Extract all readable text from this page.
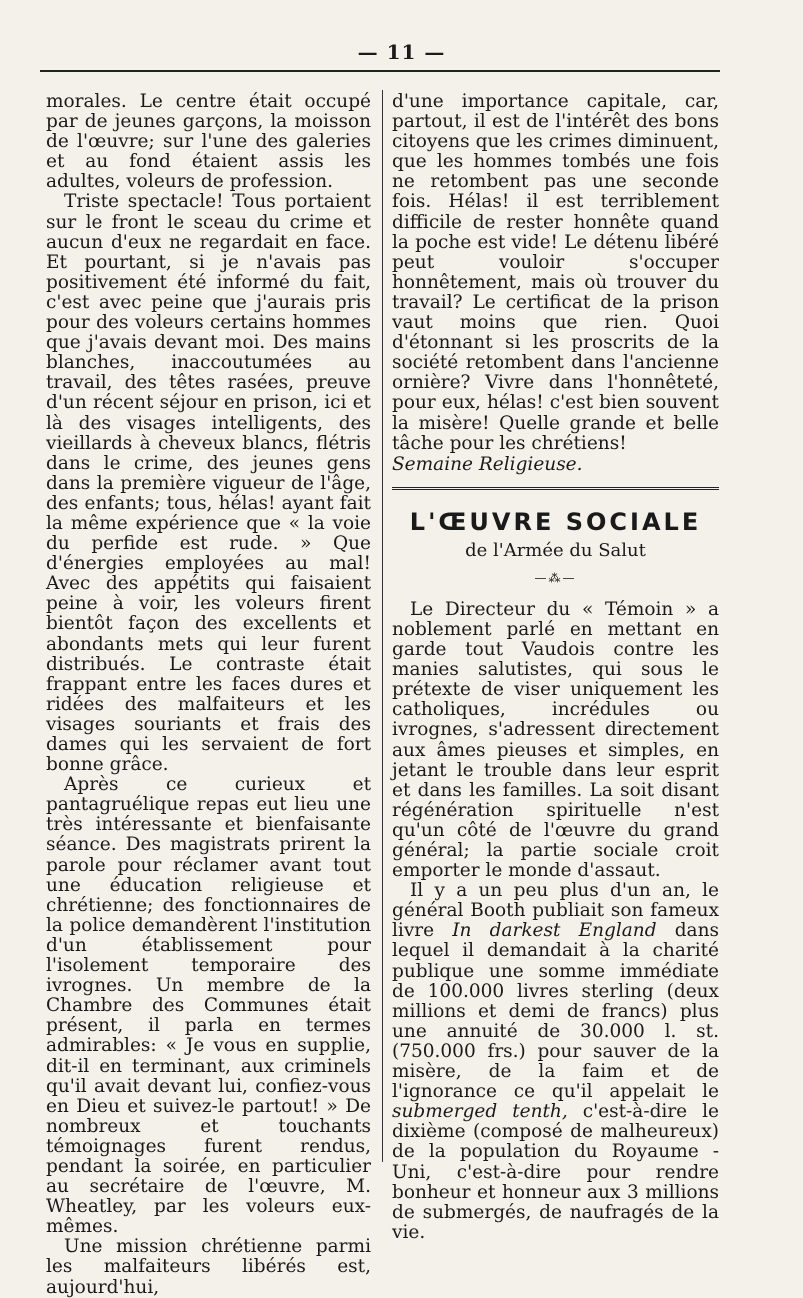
— 11 —

morales. Le centre était occupé par de jeunes garçons, la moisson de l'œuvre; sur l'une des galeries et au fond étaient assis les adultes, voleurs de profession.

Triste spectacle! Tous portaient sur le front le sceau du crime et aucun d'eux ne regardait en face. Et pourtant, si je n'avais pas positivement été informé du fait, c'est avec peine que j'aurais pris pour des voleurs certains hommes que j'avais devant moi. Des mains blanches, inaccoutumées au travail, des têtes rasées, preuve d'un récent séjour en prison, ici et là des visages intelligents, des vieillards à cheveux blancs, flétris dans le crime, des jeunes gens dans la première vigueur de l'âge, des enfants; tous, hélas! ayant fait la même expérience que « la voie du perfide est rude. » Que d'énergies employées au mal! Avec des appétits qui faisaient peine à voir, les voleurs firent bientôt façon des excellents et abondants mets qui leur furent distribués. Le contraste était frappant entre les faces dures et ridées des malfaiteurs et les visages souriants et frais des dames qui les servaient de fort bonne grâce.

Après ce curieux et pantagruélique repas eut lieu une très intéressante et bienfaisante séance. Des magistrats prirent la parole pour réclamer avant tout une éducation religieuse et chrétienne; des fonctionnaires de la police demandèrent l'institution d'un établissement pour l'isolement temporaire des ivrognes. Un membre de la Chambre des Communes était présent, il parla en termes admirables: « Je vous en supplie, dit-il en terminant, aux criminels qu'il avait devant lui, confiez-vous en Dieu et suivez-le partout! » De nombreux et touchants témoignages furent rendus, pendant la soirée, en particulier au secrétaire de l'œuvre, M. Wheatley, par les voleurs eux-mêmes.

Une mission chrétienne parmi les malfaiteurs libérés est, aujourd'hui,

d'une importance capitale, car, partout, il est de l'intérêt des bons citoyens que les crimes diminuent, que les hommes tombés une fois ne retombent pas une seconde fois. Hélas! il est terriblement difficile de rester honnête quand la poche est vide! Le détenu libéré peut vouloir s'occuper honnêtement, mais où trouver du travail? Le certificat de la prison vaut moins que rien. Quoi d'étonnant si les proscrits de la société retombent dans l'ancienne ornière? Vivre dans l'honnêteté, pour eux, hélas! c'est bien souvent la misère! Quelle grande et belle tâche pour les chrétiens!

Semaine Religieuse.

L'ŒUVRE SOCIALE
de l'Armée du Salut
—⁂—

Le Directeur du « Témoin » a noblement parlé en mettant en garde tout Vaudois contre les manies salutistes, qui sous le prétexte de viser uniquement les catholiques, incrédules ou ivrognes, s'adressent directement aux âmes pieuses et simples, en jetant le trouble dans leur esprit et dans les familles. La soit disant régénération spirituelle n'est qu'un côté de l'œuvre du grand général; la partie sociale croit emporter le monde d'assaut.

Il y a un peu plus d'un an, le général Booth publiait son fameux livre In darkest England dans lequel il demandait à la charité publique une somme immédiate de 100.000 livres sterling (deux millions et demi de francs) plus une annuité de 30.000 l. st. (750.000 frs.) pour sauver de la misère, de la faim et de l'ignorance ce qu'il appelait le submerged tenth, c'est-à-dire le dixième (composé de malheureux) de la population du Royaume - Uni, c'est-à-dire pour rendre bonheur et honneur aux 3 millions de submergés, de naufragés de la vie.
